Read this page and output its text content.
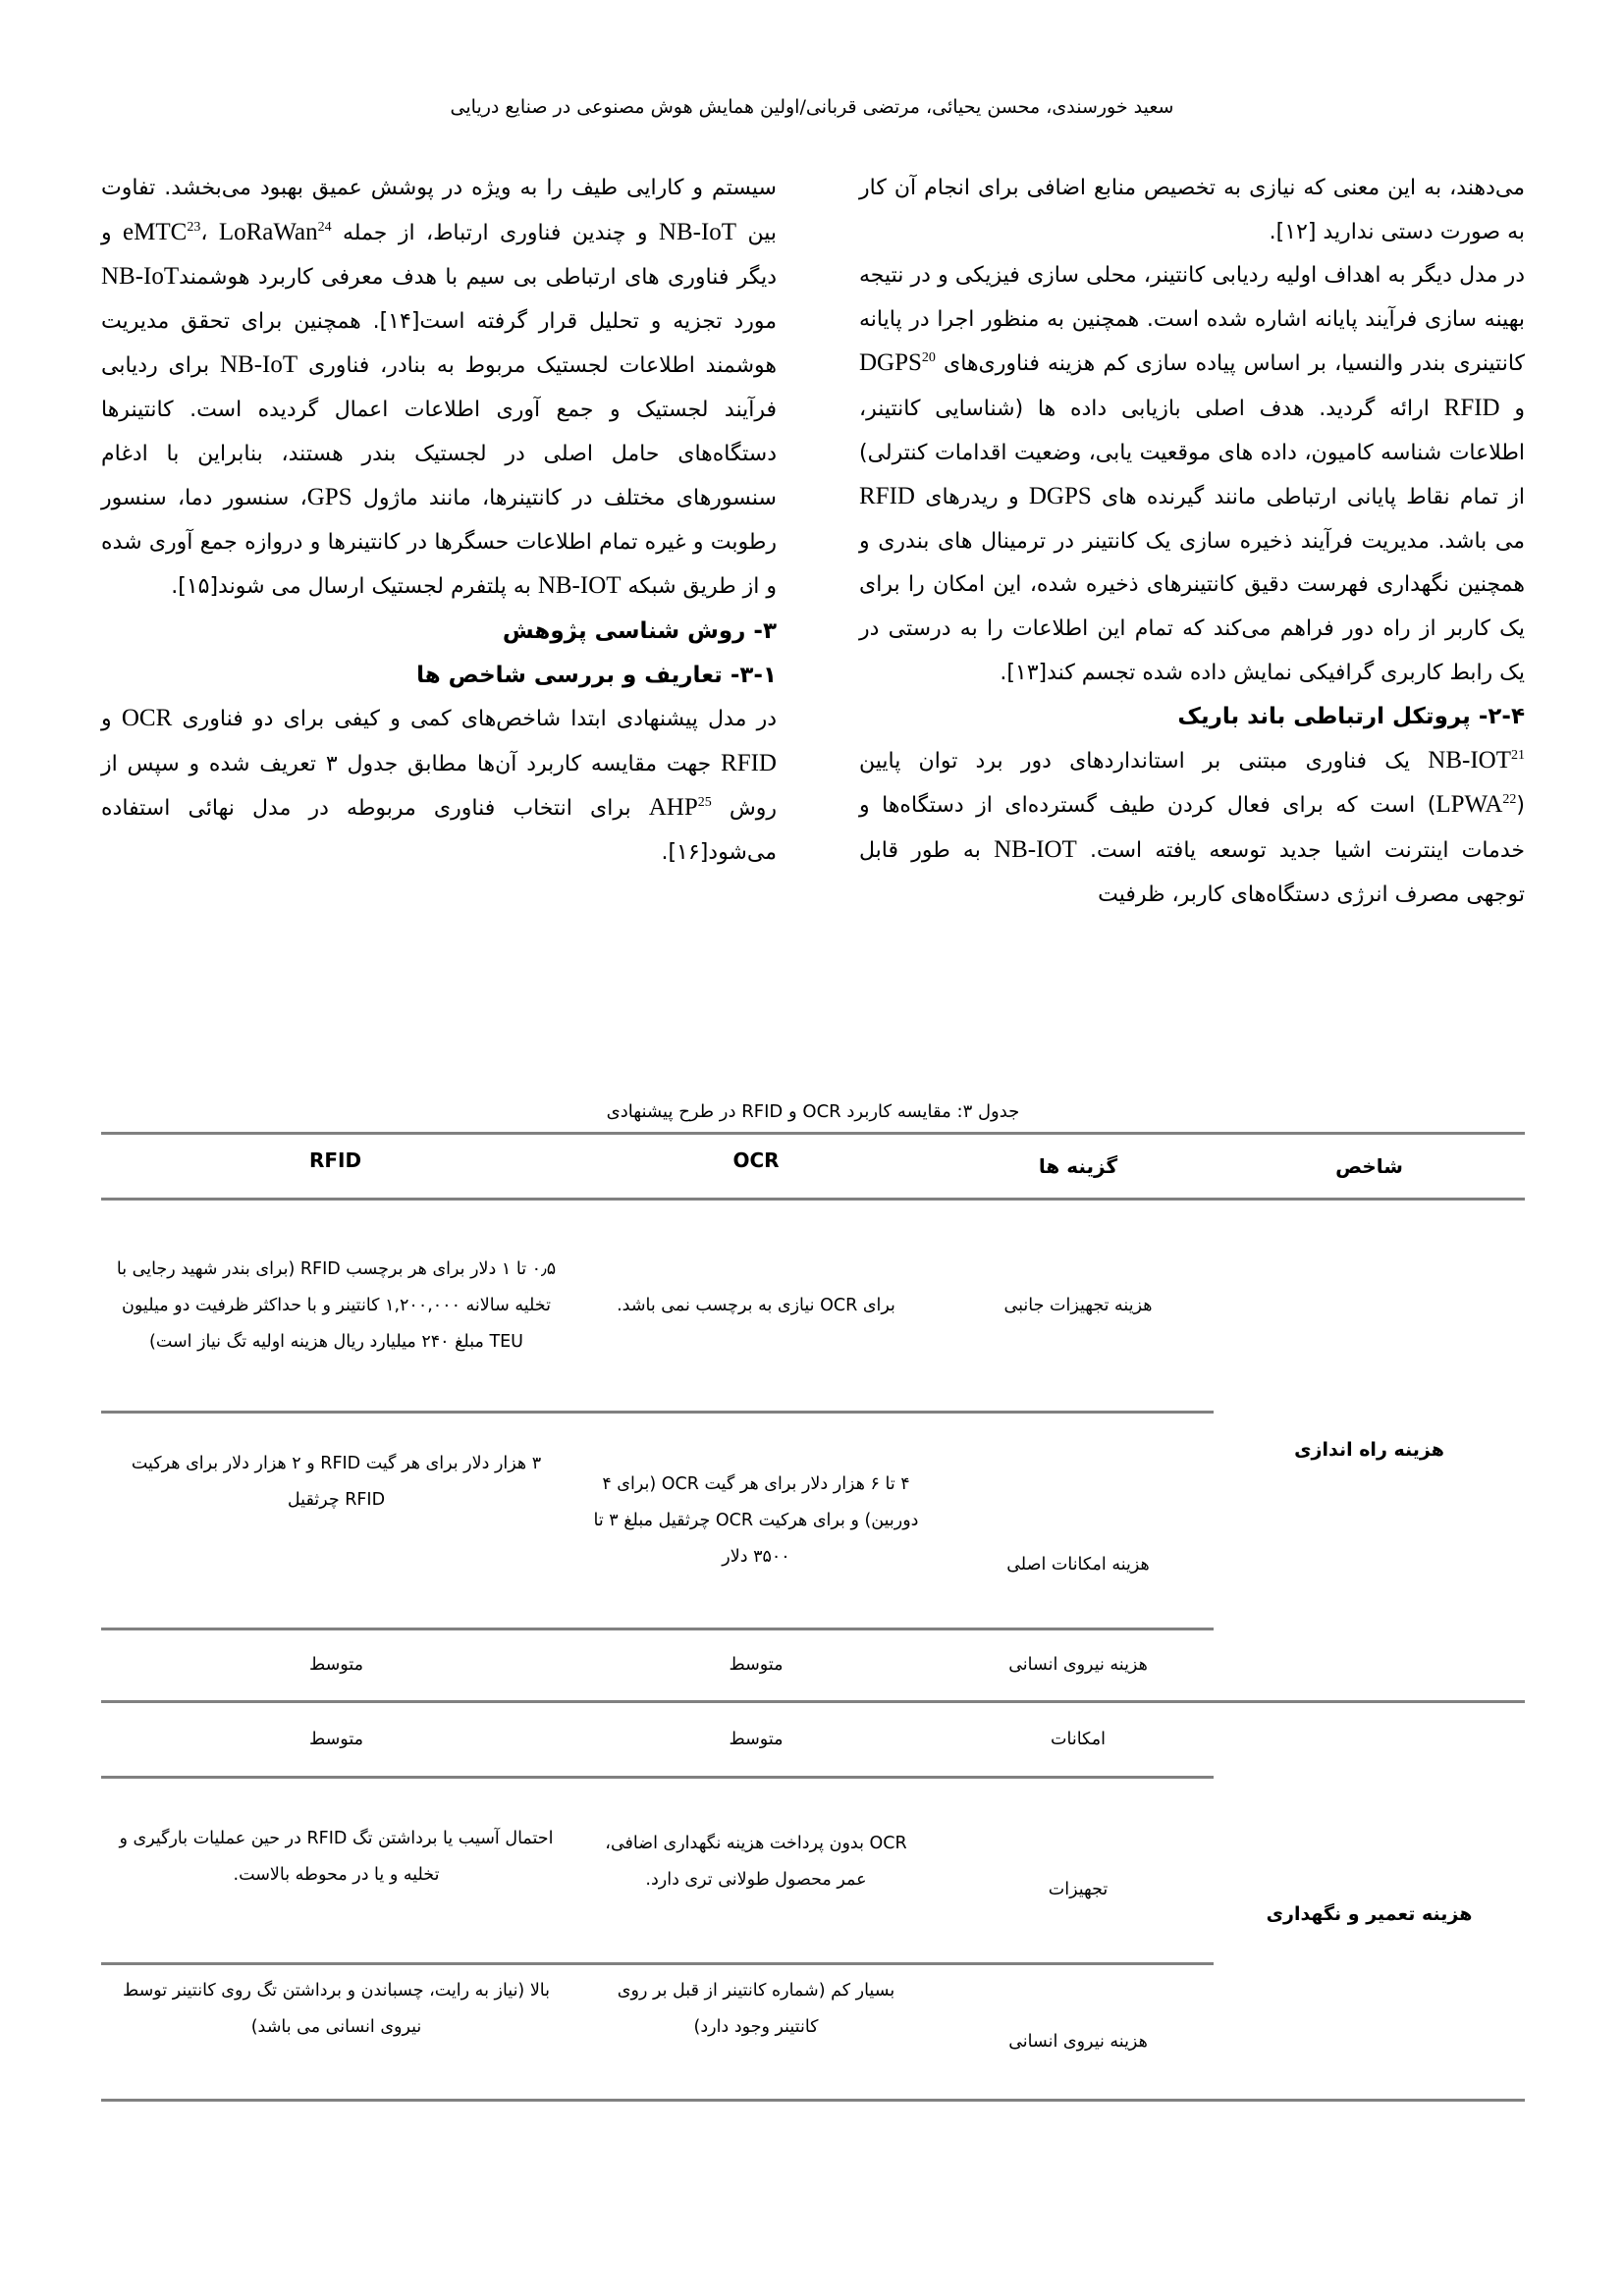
سعید خورسندی، محسن یحیائی، مرتضی قربانی/اولین همایش هوش مصنوعی در صنایع دریایی

می‌دهند، به این معنی که نیازی به تخصیص منابع اضافی برای انجام آن کار به صورت دستی ندارید [۱۲].

در مدل دیگر به اهداف اولیه ردیابی کانتینر، محلی سازی فیزیکی و در نتیجه بهینه سازی فرآیند پایانه اشاره شده است. همچنین به منظور اجرا در پایانه کانتینری بندر والنسیا، بر اساس پیاده سازی کم هزینه فناوری‌های DGPS$^{20}$ و RFID ارائه گردید. هدف اصلی بازیابی داده ها (شناسایی کانتینر، اطلاعات شناسه کامیون، داده های موقعیت یابی، وضعیت اقدامات کنترلی) از تمام نقاط پایانی ارتباطی مانند گیرنده های DGPS و ریدرهای RFID می باشد. مدیریت فرآیند ذخیره سازی یک کانتینر در ترمینال های بندری و همچنین نگهداری فهرست دقیق کانتینرهای ذخیره شده، این امکان را برای یک کاربر از راه دور فراهم می‌کند که تمام این اطلاعات را به درستی در یک رابط کاربری گرافیکی نمایش داده شده تجسم کند[۱۳].

۲-۴- پروتکل ارتباطی باند باریک

NB-IOT$^{21}$ یک فناوری مبتنی بر استانداردهای دور برد توان پایین (LPWA$^{22}$) است که برای فعال کردن طیف گسترده‌ای از دستگاه‌ها و خدمات اینترنت اشیا جدید توسعه یافته است. NB-IOT به طور قابل توجهی مصرف انرژی دستگاه‌های کاربر، ظرفیت

سیستم و کارایی طیف را به ویژه در پوشش عمیق بهبود می‌بخشد. تفاوت بین NB-IoT و چندین فناوری ارتباط، از جمله eMTC$^{23}$، LoRaWan$^{24}$ و دیگر فناوری های ارتباطی بی سیم با هدف معرفی کاربرد هوشمندNB-IoT مورد تجزیه و تحلیل قرار گرفته است[۱۴]. همچنین برای تحقق مدیریت هوشمند اطلاعات لجستیک مربوط به بنادر، فناوری NB-IoT برای ردیابی فرآیند لجستیک و جمع آوری اطلاعات اعمال گردیده است. کانتینرها دستگاه‌های حامل اصلی در لجستیک بندر هستند، بنابراین با ادغام سنسورهای مختلف در کانتینرها، مانند ماژول GPS، سنسور دما، سنسور رطوبت و غیره تمام اطلاعات حسگرها در کانتینرها و دروازه جمع آوری شده و از طریق شبکه NB-IOT به پلتفرم لجستیک ارسال می شوند[۱۵].

۳- روش شناسی پژوهش
۳-۱- تعاریف و بررسی شاخص ها

در مدل پیشنهادی ابتدا شاخص‌های کمی و کیفی برای دو فناوری OCR و RFID جهت مقایسه کاربرد آن‌ها مطابق جدول ۳ تعریف شده و سپس از روش AHP$^{25}$ برای انتخاب فناوری مربوطه در مدل نهائی استفاده می‌شود[۱۶].

جدول ۳: مقایسه کاربرد OCR و RFID در طرح پیشنهادی
شاخص
گزینه ها
OCR
RFID
هزینه راه اندازی
هزینه تجهیزات جانبی
برای OCR نیازی به برچسب نمی باشد.
۰٫۵ تا ۱ دلار برای هر برچسب RFID (برای بندر شهید رجایی با تخلیه سالانه ۱,۲۰۰,۰۰۰ کانتینر و با حداکثر ظرفیت دو میلیون TEU مبلغ ۲۴۰ میلیارد ریال هزینه اولیه تگ نیاز است)
هزینه امکانات اصلی
۴ تا ۶ هزار دلار برای هر گیت OCR (برای ۴ دوربین) و برای هرکیت OCR چرثقیل مبلغ ۳ تا ۳۵۰۰ دلار
۳ هزار دلار برای هر گیت RFID و ۲ هزار دلار برای هرکیت RFID چرثقیل
هزینه نیروی انسانی
متوسط
متوسط
هزینه تعمیر و نگهداری
امکانات
متوسط
متوسط
تجهیزات
OCR بدون پرداخت هزینه نگهداری اضافی، عمر محصول طولانی تری دارد.
احتمال آسیب یا برداشتن تگ RFID در حین عملیات بارگیری و تخلیه و یا در محوطه بالاست.
هزینه نیروی انسانی
بسیار کم (شماره کانتینر از قبل بر روی کانتینر وجود دارد)
بالا (نیاز به رایت، چسباندن و برداشتن تگ روی کانتینر توسط نیروی انسانی می باشد)
